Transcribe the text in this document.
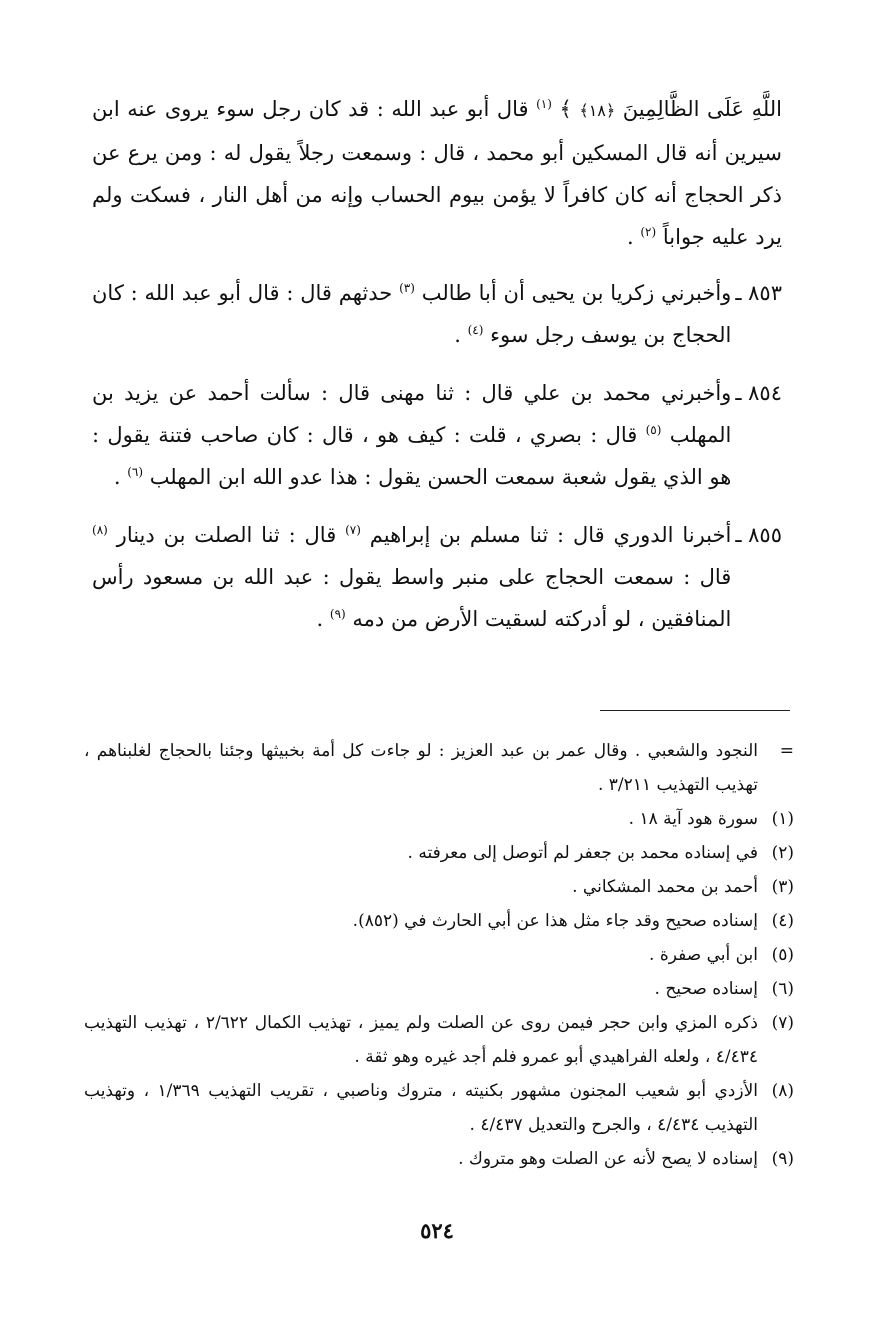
اللَّهِ عَلَى الظَّالِمِينَ ﴿١٨﴾ ﴾ $^{(١)}$ قال أبو عبد الله : قد كان رجل سوء يروى عنه ابن سيرين أنه قال المسكين أبو محمد ، قال : وسمعت رجلاً يقول له : ومن يرع عن ذكر الحجاج أنه كان كافراً لا يؤمن بيوم الحساب وإنه من أهل النار ، فسكت ولم يرد عليه جواباً $^{(٢)}$ .

٨٥٣ ـ
وأخبرني زكريا بن يحيى أن أبا طالب $^{(٣)}$ حدثهم قال : قال أبو عبد الله : كان الحجاج بن يوسف رجل سوء $^{(٤)}$ .
٨٥٤ ـ
وأخبرني محمد بن علي قال : ثنا مهنى قال : سألت أحمد عن يزيد بن المهلب $^{(٥)}$ قال : بصري ، قلت : كيف هو ، قال : كان صاحب فتنة يقول : هو الذي يقول شعبة سمعت الحسن يقول : هذا عدو الله ابن المهلب $^{(٦)}$ .
٨٥٥ ـ
أخبرنا الدوري قال : ثنا مسلم بن إبراهيم $^{(٧)}$ قال : ثنا الصلت بن دينار $^{(٨)}$ قال : سمعت الحجاج على منبر واسط يقول : عبد الله بن مسعود رأس المنافقين ، لو أدركته لسقيت الأرض من دمه $^{(٩)}$ .
=
النجود والشعبي . وقال عمر بن عبد العزيز : لو جاءت كل أمة بخبيثها وجئنا بالحجاج لغلبناهم ، تهذيب التهذيب ٣/٢١١ .
(١)
سورة هود آية ١٨ .
(٢)
في إسناده محمد بن جعفر لم أتوصل إلى معرفته .
(٣)
أحمد بن محمد المشكاني .
(٤)
إسناده صحيح وقد جاء مثل هذا عن أبي الحارث في (٨٥٢).
(٥)
ابن أبي صفرة .
(٦)
إسناده صحيح .
(٧)
ذكره المزي وابن حجر فيمن روى عن الصلت ولم يميز ، تهذيب الكمال ٢/٦٢٢ ، تهذيب التهذيب ٤/٤٣٤ ، ولعله الفراهيدي أبو عمرو فلم أجد غيره وهو ثقة .
(٨)
الأزدي أبو شعيب المجنون مشهور بكنيته ، متروك وناصبي ، تقريب التهذيب ١/٣٦٩ ، وتهذيب التهذيب ٤/٤٣٤ ، والجرح والتعديل ٤/٤٣٧ .
(٩)
إسناده لا يصح لأنه عن الصلت وهو متروك .
٥٢٤
